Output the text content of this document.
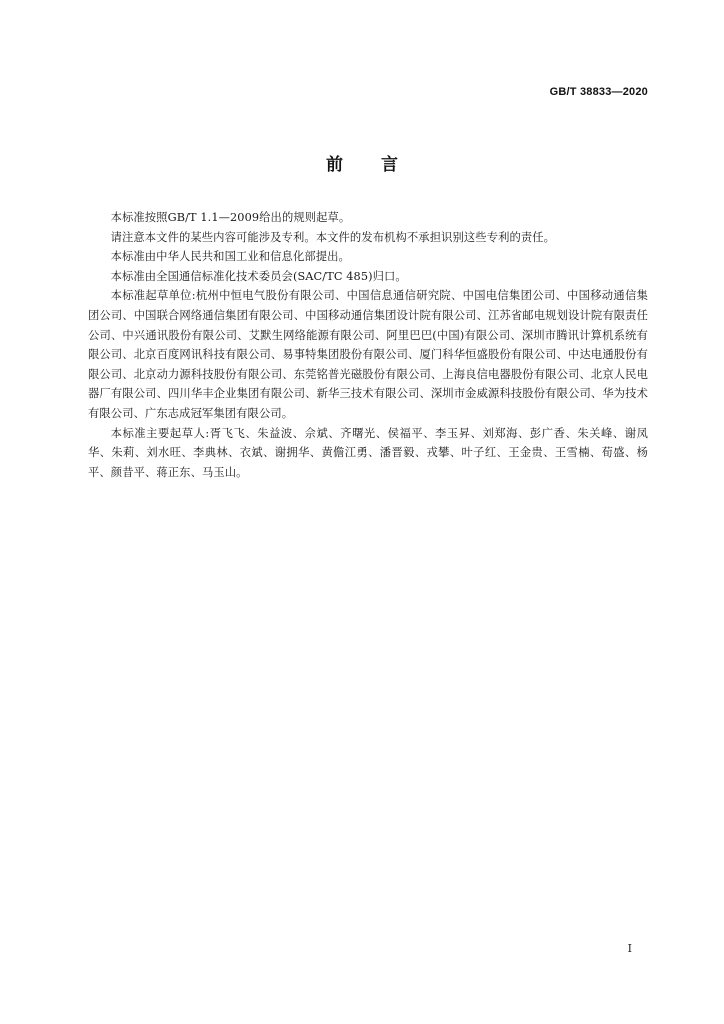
GB/T 38833—2020
前言

本标准按照GB/T 1.1—2009给出的规则起草。

请注意本文件的某些内容可能涉及专利。本文件的发布机构不承担识别这些专利的责任。

本标准由中华人民共和国工业和信息化部提出。

本标准由全国通信标准化技术委员会(SAC/TC 485)归口。

本标准起草单位:杭州中恒电气股份有限公司、中国信息通信研究院、中国电信集团公司、中国移动通信集团公司、中国联合网络通信集团有限公司、中国移动通信集团设计院有限公司、江苏省邮电规划设计院有限责任公司、中兴通讯股份有限公司、艾默生网络能源有限公司、阿里巴巴(中国)有限公司、深圳市腾讯计算机系统有限公司、北京百度网讯科技有限公司、易事特集团股份有限公司、厦门科华恒盛股份有限公司、中达电通股份有限公司、北京动力源科技股份有限公司、东莞铭普光磁股份有限公司、上海良信电器股份有限公司、北京人民电器厂有限公司、四川华丰企业集团有限公司、新华三技术有限公司、深圳市金威源科技股份有限公司、华为技术有限公司、广东志成冠军集团有限公司。

本标准主要起草人:胥飞飞、朱益波、佘斌、齐曙光、侯福平、李玉昇、刘郑海、彭广香、朱关峰、谢凤华、朱莉、刘水旺、李典林、衣斌、谢拥华、黄儋江勇、潘晋毅、戎攀、叶子红、王金贵、王雪楠、荀盛、杨平、颜昔平、蒋正东、马玉山。

I
